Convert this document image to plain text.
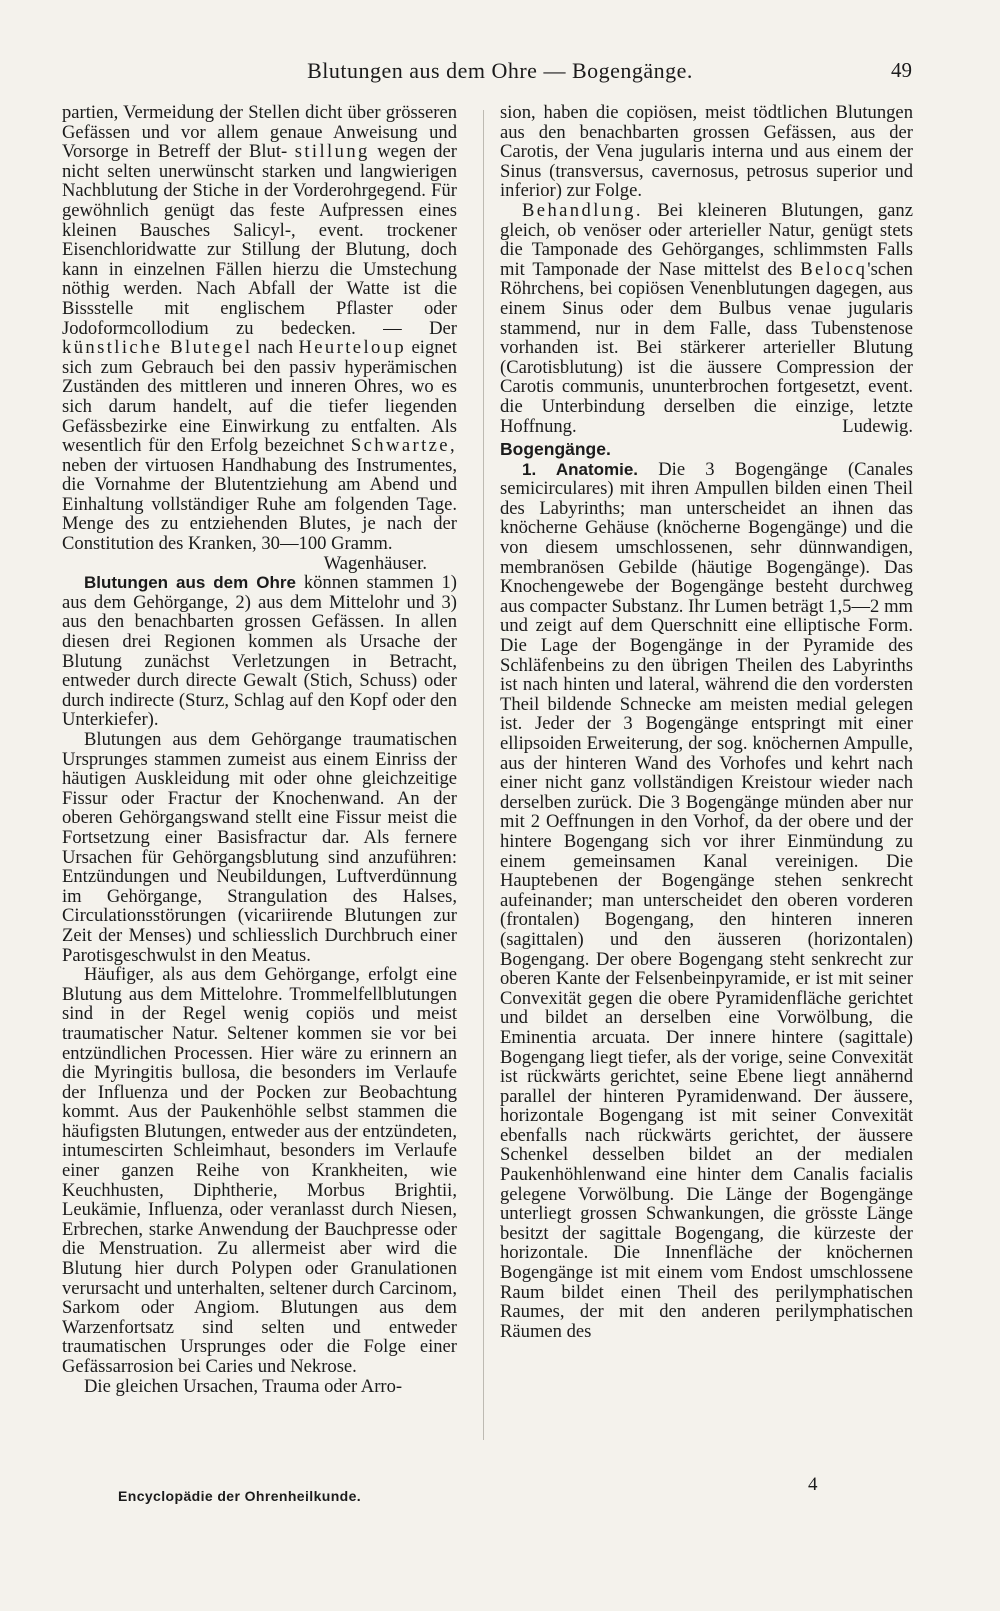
Blutungen aus dem Ohre — Bogengänge.	49

partien, Vermeidung der Stellen dicht über grösseren Gefässen und vor allem genaue Anweisung und Vorsorge in Betreff der Blut- stillung wegen der nicht selten unerwünscht starken und langwierigen Nachblutung der Stiche in der Vorderohrgegend. Für gewöhnlich genügt das feste Aufpressen eines kleinen Bausches Salicyl-, event. trockener Eisenchloridwatte zur Stillung der Blutung, doch kann in einzelnen Fällen hierzu die Umstechung nöthig werden. Nach Abfall der Watte ist die Bissstelle mit englischem Pflaster oder Jodoformcollodium zu bedecken. — Der künstliche Blutegel nach Heurteloup eignet sich zum Gebrauch bei den passiv hyperämischen Zuständen des mittleren und inneren Ohres, wo es sich darum handelt, auf die tiefer liegenden Gefässbezirke eine Einwirkung zu entfalten. Als wesentlich für den Erfolg bezeichnet Schwartze, neben der virtuosen Handhabung des Instrumentes, die Vornahme der Blutentziehung am Abend und Einhaltung vollständiger Ruhe am folgenden Tage. Menge des zu entziehenden Blutes, je nach der Constitution des Kranken, 30—100 Gramm.

Wagenhäuser.

Blutungen aus dem Ohre können stammen 1) aus dem Gehörgange, 2) aus dem Mittelohr und 3) aus den benachbarten grossen Gefässen. In allen diesen drei Regionen kommen als Ursache der Blutung zunächst Verletzungen in Betracht, entweder durch directe Gewalt (Stich, Schuss) oder durch indirecte (Sturz, Schlag auf den Kopf oder den Unterkiefer).

Blutungen aus dem Gehörgange traumatischen Ursprunges stammen zumeist aus einem Einriss der häutigen Auskleidung mit oder ohne gleichzeitige Fissur oder Fractur der Knochenwand. An der oberen Gehörgangswand stellt eine Fissur meist die Fortsetzung einer Basisfractur dar. Als fernere Ursachen für Gehörgangsblutung sind anzuführen: Entzündungen und Neubildungen, Luftverdünnung im Gehörgange, Strangulation des Halses, Circulationsstörungen (vicariirende Blutungen zur Zeit der Menses) und schliesslich Durchbruch einer Parotisgeschwulst in den Meatus.

Häufiger, als aus dem Gehörgange, erfolgt eine Blutung aus dem Mittelohre. Trommelfellblutungen sind in der Regel wenig copiös und meist traumatischer Natur. Seltener kommen sie vor bei entzündlichen Processen. Hier wäre zu erinnern an die Myringitis bullosa, die besonders im Verlaufe der Influenza und der Pocken zur Beobachtung kommt. Aus der Paukenhöhle selbst stammen die häufigsten Blutungen, entweder aus der entzündeten, intumescirten Schleimhaut, besonders im Verlaufe einer ganzen Reihe von Krankheiten, wie Keuchhusten, Diphtherie, Morbus Brightii, Leukämie, Influenza, oder veranlasst durch Niesen, Erbrechen, starke Anwendung der Bauchpresse oder die Menstruation. Zu allermeist aber wird die Blutung hier durch Polypen oder Granulationen verursacht und unterhalten, seltener durch Carcinom, Sarkom oder Angiom. Blutungen aus dem Warzenfortsatz sind selten und entweder traumatischen Ursprunges oder die Folge einer Gefässarrosion bei Caries und Nekrose.

Die gleichen Ursachen, Trauma oder Arro-

sion, haben die copiösen, meist tödtlichen Blutungen aus den benachbarten grossen Gefässen, aus der Carotis, der Vena jugularis interna und aus einem der Sinus (transversus, cavernosus, petrosus superior und inferior) zur Folge.

Behandlung. Bei kleineren Blutungen, ganz gleich, ob venöser oder arterieller Natur, genügt stets die Tamponade des Gehörganges, schlimmsten Falls mit Tamponade der Nase mittelst des Belocq'schen Röhrchens, bei copiösen Venenblutungen dagegen, aus einem Sinus oder dem Bulbus venae jugularis stammend, nur in dem Falle, dass Tubenstenose vorhanden ist. Bei stärkerer arterieller Blutung (Carotisblutung) ist die äussere Compression der Carotis communis, ununterbrochen fortgesetzt, event. die Unterbindung derselben die einzige, letzte Hoffnung.	Ludewig.

Bogengänge.

1. Anatomie. Die 3 Bogengänge (Canales semicirculares) mit ihren Ampullen bilden einen Theil des Labyrinths; man unterscheidet an ihnen das knöcherne Gehäuse (knöcherne Bogengänge) und die von diesem umschlossenen, sehr dünnwandigen, membranösen Gebilde (häutige Bogengänge). Das Knochengewebe der Bogengänge besteht durchweg aus compacter Substanz. Ihr Lumen beträgt 1,5—2 mm und zeigt auf dem Querschnitt eine elliptische Form. Die Lage der Bogengänge in der Pyramide des Schläfenbeins zu den übrigen Theilen des Labyrinths ist nach hinten und lateral, während die den vordersten Theil bildende Schnecke am meisten medial gelegen ist. Jeder der 3 Bogengänge entspringt mit einer ellipsoiden Erweiterung, der sog. knöchernen Ampulle, aus der hinteren Wand des Vorhofes und kehrt nach einer nicht ganz vollständigen Kreistour wieder nach derselben zurück. Die 3 Bogengänge münden aber nur mit 2 Oeffnungen in den Vorhof, da der obere und der hintere Bogengang sich vor ihrer Einmündung zu einem gemeinsamen Kanal vereinigen. Die Hauptebenen der Bogengänge stehen senkrecht aufeinander; man unterscheidet den oberen vorderen (frontalen) Bogengang, den hinteren inneren (sagittalen) und den äusseren (horizontalen) Bogengang. Der obere Bogengang steht senkrecht zur oberen Kante der Felsenbeinpyramide, er ist mit seiner Convexität gegen die obere Pyramidenfläche gerichtet und bildet an derselben eine Vorwölbung, die Eminentia arcuata. Der innere hintere (sagittale) Bogengang liegt tiefer, als der vorige, seine Convexität ist rückwärts gerichtet, seine Ebene liegt annähernd parallel der hinteren Pyramidenwand. Der äussere, horizontale Bogengang ist mit seiner Convexität ebenfalls nach rückwärts gerichtet, der äussere Schenkel desselben bildet an der medialen Paukenhöhlenwand eine hinter dem Canalis facialis gelegene Vorwölbung. Die Länge der Bogengänge unterliegt grossen Schwankungen, die grösste Länge besitzt der sagittale Bogengang, die kürzeste der horizontale. Die Innenfläche der knöchernen Bogengänge ist mit einem vom Endost umschlossene Raum bildet einen Theil des perilymphatischen Raumes, der mit den anderen perilymphatischen Räumen des

Encyclopädie der Ohrenheilkunde.
4
